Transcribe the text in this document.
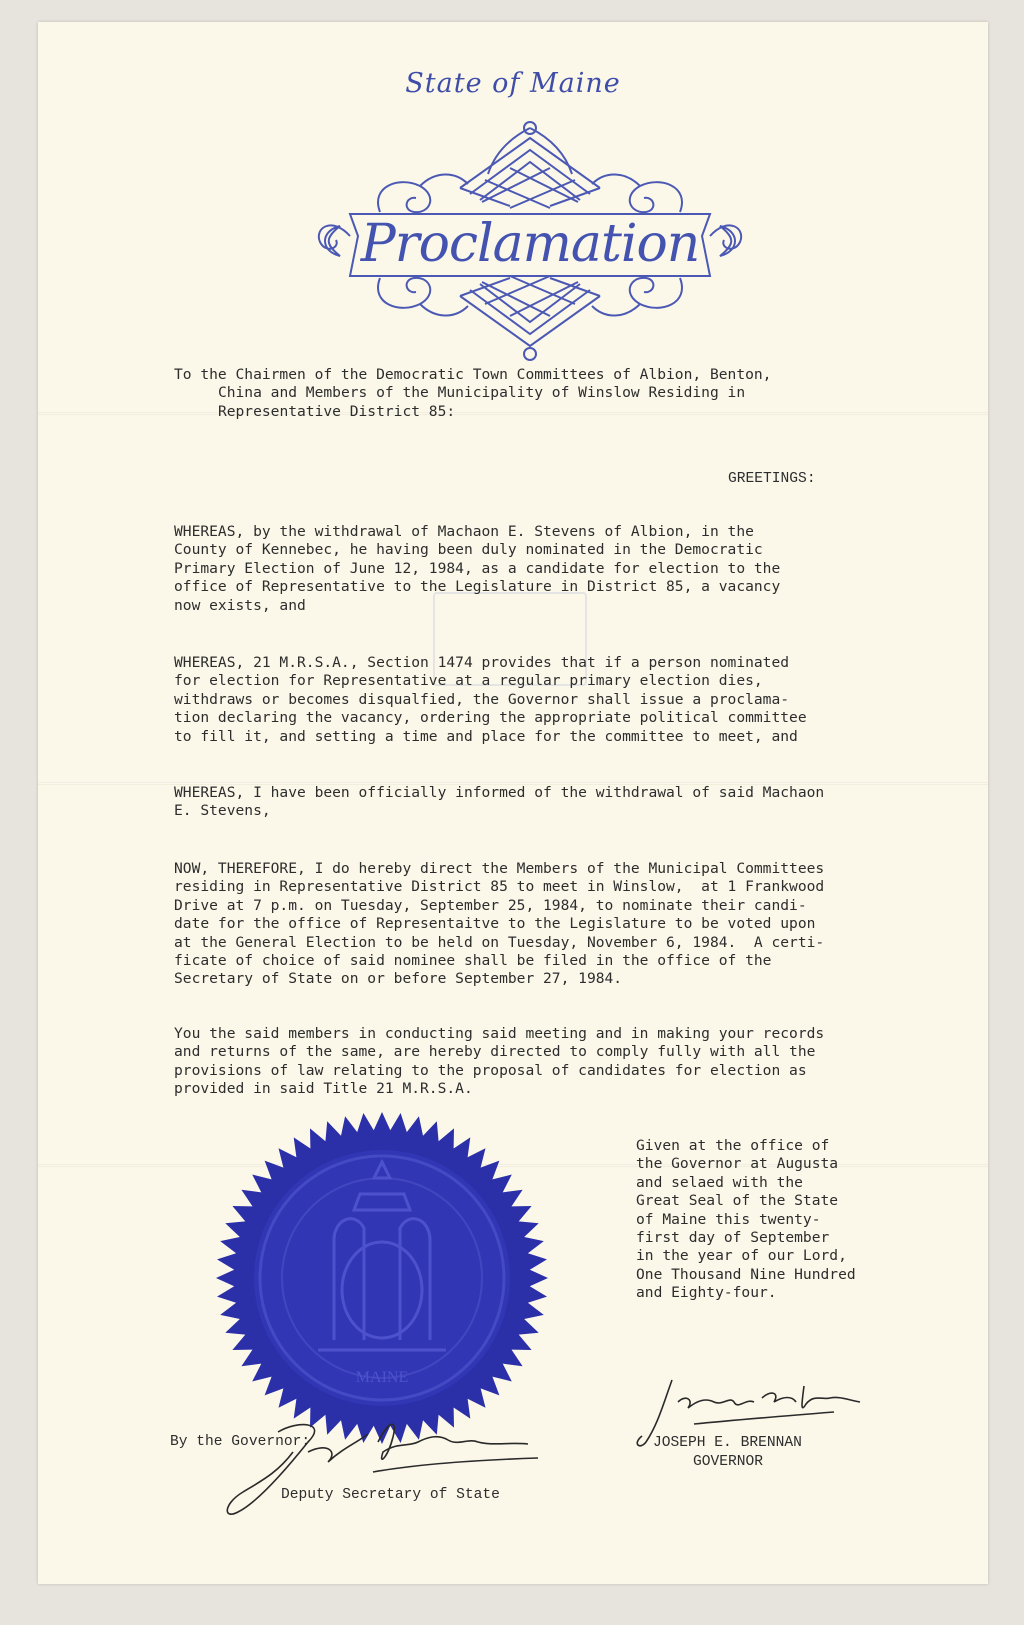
State of Maine
Proclamation
To the Chairmen of the Democratic Town Committees of Albion, Benton,
China and Members of the Municipality of Winslow Residing in
Representative District 85:
GREETINGS:
WHEREAS, by the withdrawal of Machaon E. Stevens of Albion, in the
County of Kennebec, he having been duly nominated in the Democratic
Primary Election of June 12, 1984, as a candidate for election to the
office of Representative to the Legislature in District 85, a vacancy
now exists, and
WHEREAS, 21 M.R.S.A., Section 1474 provides that if a person nominated
for election for Representative at a regular primary election dies,
withdraws or becomes disqualfied, the Governor shall issue a proclama-
tion declaring the vacancy, ordering the appropriate political committee
to fill it, and setting a time and place for the committee to meet, and
WHEREAS, I have been officially informed of the withdrawal of said Machaon
E. Stevens,
NOW, THEREFORE, I do hereby direct the Members of the Municipal Committees
residing in Representative District 85 to meet in Winslow,  at 1 Frankwood
Drive at 7 p.m. on Tuesday, September 25, 1984, to nominate their candi-
date for the office of Representaitve to the Legislature to be voted upon
at the General Election to be held on Tuesday, November 6, 1984.  A certi-
ficate of choice of said nominee shall be filed in the office of the
Secretary of State on or before September 27, 1984.
You the said members in conducting said meeting and in making your records
and returns of the same, are hereby directed to comply fully with all the
provisions of law relating to the proposal of candidates for election as
provided in said Title 21 M.R.S.A.
MAINE
Given at the office of
the Governor at Augusta
and selaed with the
Great Seal of the State
of Maine this twenty-
first day of September
in the year of our Lord,
One Thousand Nine Hundred
and Eighty-four.
By the Governor:
Deputy Secretary of State
JOSEPH E. BRENNAN
GOVERNOR
